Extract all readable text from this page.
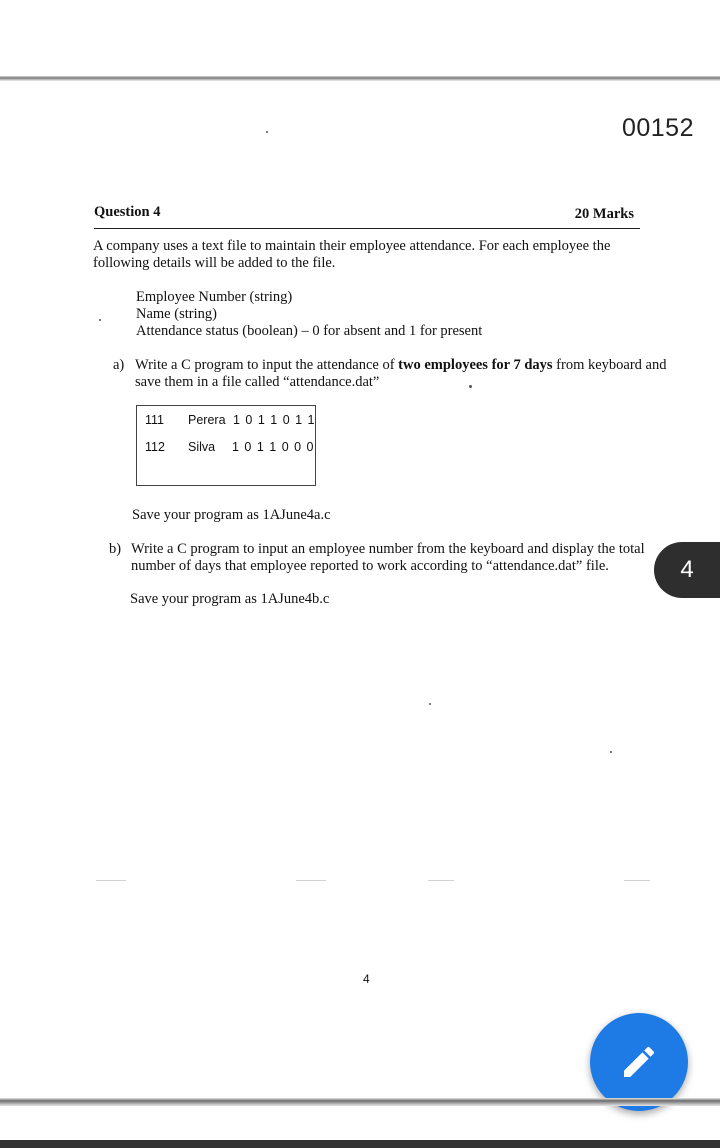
00152
Question 4	20 Marks
A company uses a text file to maintain their employee attendance. For each employee the following details will be added to the file.
Employee Number (string)
Name (string)
Attendance status (boolean) – 0 for absent and 1 for present
a) Write a C program to input the attendance of two employees for 7 days from keyboard and save them in a file called “attendance.dat”
111 Perera 1 0 1 1 0 1 1
112 Silva 1 0 1 1 0 0 0
Save your program as 1AJune4a.c
b) Write a C program to input an employee number from the keyboard and display the total number of days that employee reported to work according to “attendance.dat” file.
Save your program as 1AJune4b.c
4
4
